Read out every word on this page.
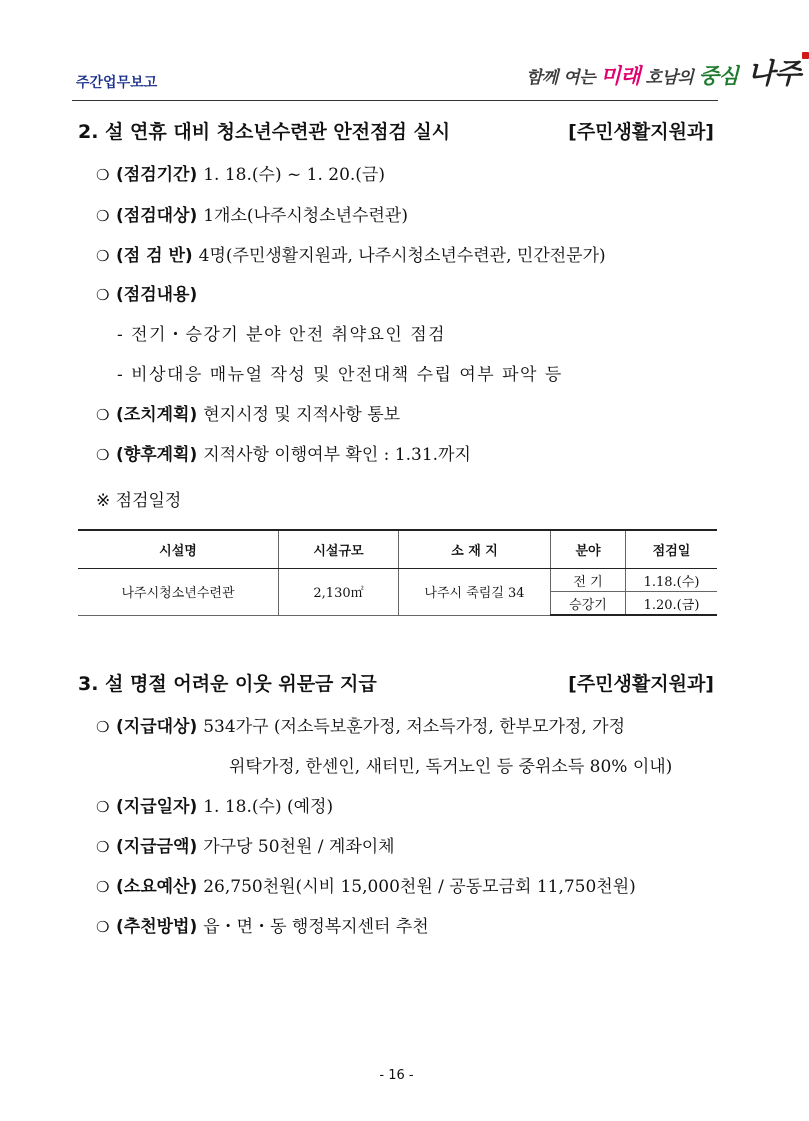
주간업무보고	함께 여는 미래 호남의 중심 나주
2. 설 연휴 대비 청소년수련관 안전점검 실시	[주민생활지원과]
❍ (점검기간) 1. 18.(수) ~ 1. 20.(금)
❍ (점검대상) 1개소(나주시청소년수련관)
❍ (점 검 반) 4명(주민생활지원과, 나주시청소년수련관, 민간전문가)
❍ (점검내용)
- 전기・승강기 분야 안전 취약요인 점검
- 비상대응 매뉴얼 작성 및 안전대책 수립 여부 파악 등
❍ (조치계획) 현지시정 및 지적사항 통보
❍ (향후계획) 지적사항 이행여부 확인 : 1.31.까지
※ 점검일정
시설명	시설규모	소 재 지	분야	점검일
나주시청소년수련관	2,130㎡	나주시 죽림길 34	전 기	1.18.(수)
			승강기	1.20.(금)
3. 설 명절 어려운 이웃 위문금 지급	[주민생활지원과]
❍ (지급대상) 534가구 (저소득보훈가정, 저소득가정, 한부모가정, 가정
위탁가정, 한센인, 새터민, 독거노인 등 중위소득 80% 이내)
❍ (지급일자) 1. 18.(수) (예정)
❍ (지급금액) 가구당 50천원 / 계좌이체
❍ (소요예산) 26,750천원(시비 15,000천원 / 공동모금회 11,750천원)
❍ (추천방법) 읍・면・동 행정복지센터 추천
- 16 -
